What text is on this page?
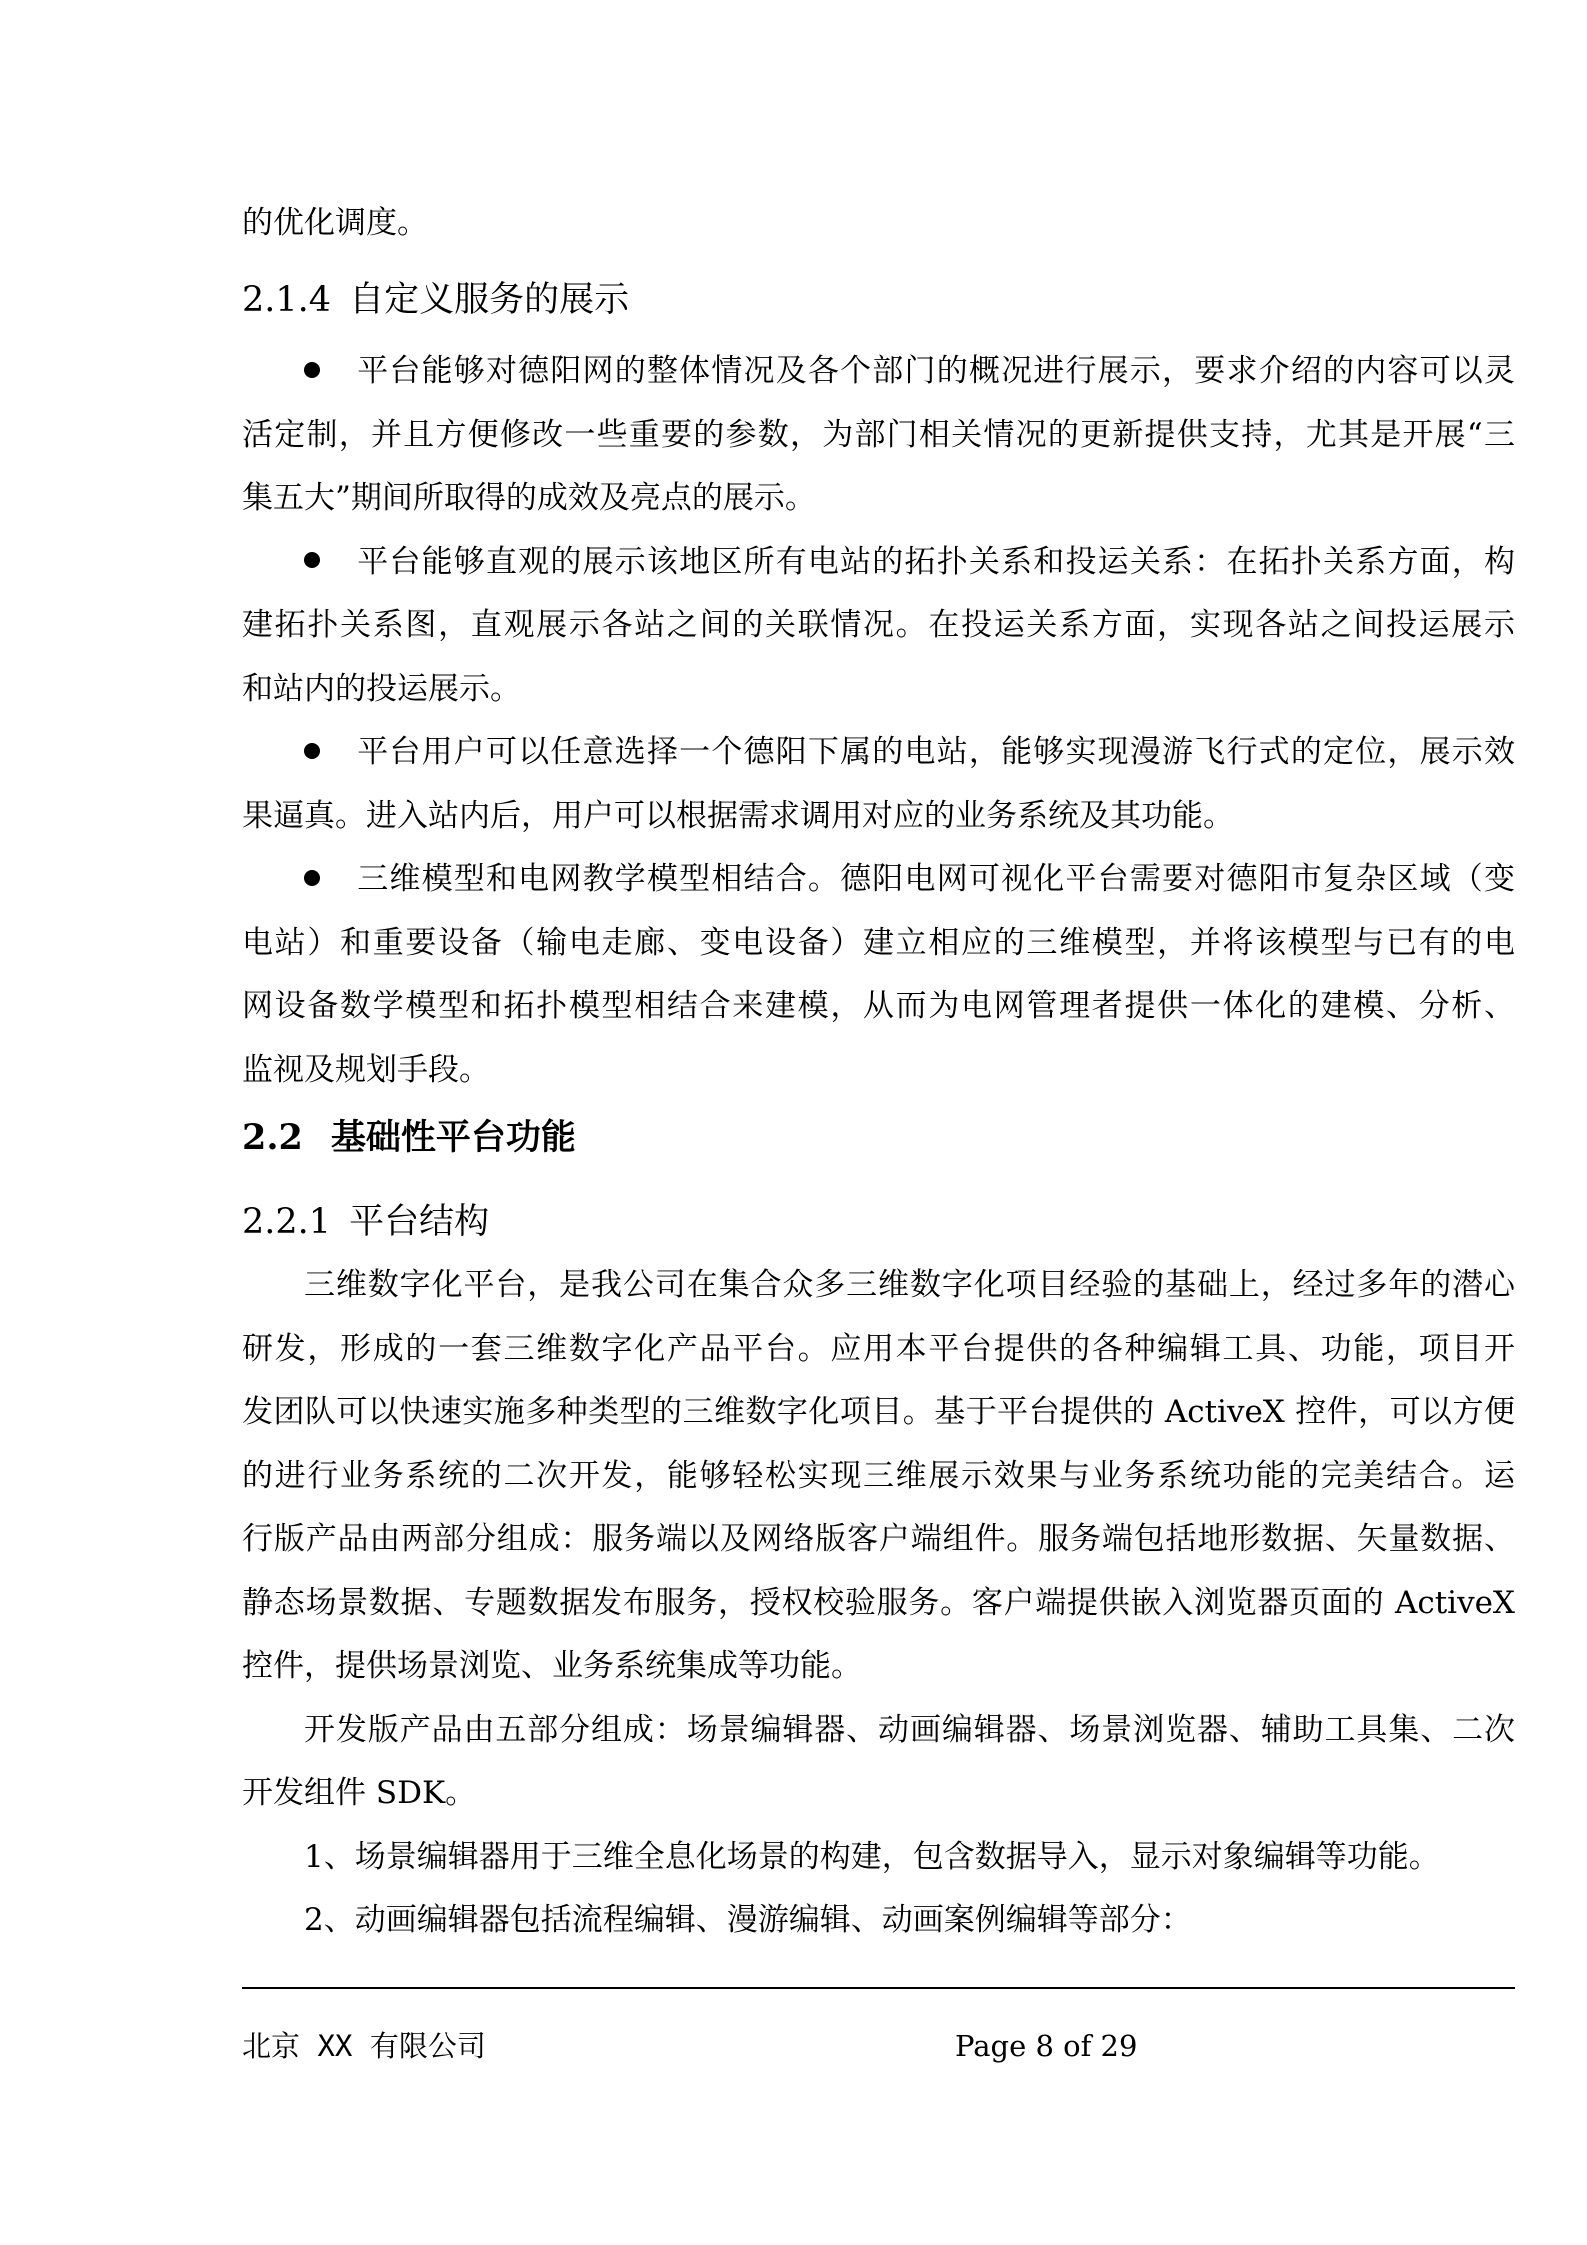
的优化调度。
2.1.4 自定义服务的展示
平台能够对德阳网的整体情况及各个部门的概况进行展示，要求介绍的内容可以灵
活定制，并且方便修改一些重要的参数，为部门相关情况的更新提供支持，尤其是开展“三
集五大”期间所取得的成效及亮点的展示。
平台能够直观的展示该地区所有电站的拓扑关系和投运关系：在拓扑关系方面，构
建拓扑关系图，直观展示各站之间的关联情况。在投运关系方面，实现各站之间投运展示
和站内的投运展示。
平台用户可以任意选择一个德阳下属的电站，能够实现漫游飞行式的定位，展示效
果逼真。进入站内后，用户可以根据需求调用对应的业务系统及其功能。
三维模型和电网教学模型相结合。德阳电网可视化平台需要对德阳市复杂区域（变
电站）和重要设备（输电走廊、变电设备）建立相应的三维模型，并将该模型与已有的电
网设备数学模型和拓扑模型相结合来建模，从而为电网管理者提供一体化的建模、分析、
监视及规划手段。
2.2 基础性平台功能
2.2.1 平台结构
三维数字化平台，是我公司在集合众多三维数字化项目经验的基础上，经过多年的潜心
研发，形成的一套三维数字化产品平台。应用本平台提供的各种编辑工具、功能，项目开
发团队可以快速实施多种类型的三维数字化项目。基于平台提供的 ActiveX 控件，可以方便
的进行业务系统的二次开发，能够轻松实现三维展示效果与业务系统功能的完美结合。运
行版产品由两部分组成：服务端以及网络版客户端组件。服务端包括地形数据、矢量数据、
静态场景数据、专题数据发布服务，授权校验服务。客户端提供嵌入浏览器页面的 ActiveX
控件，提供场景浏览、业务系统集成等功能。
开发版产品由五部分组成：场景编辑器、动画编辑器、场景浏览器、辅助工具集、二次
开发组件 SDK。
1、场景编辑器用于三维全息化场景的构建，包含数据导入，显示对象编辑等功能。
2、动画编辑器包括流程编辑、漫游编辑、动画案例编辑等部分：
北京 XX 有限公司	Page 8 of 29
